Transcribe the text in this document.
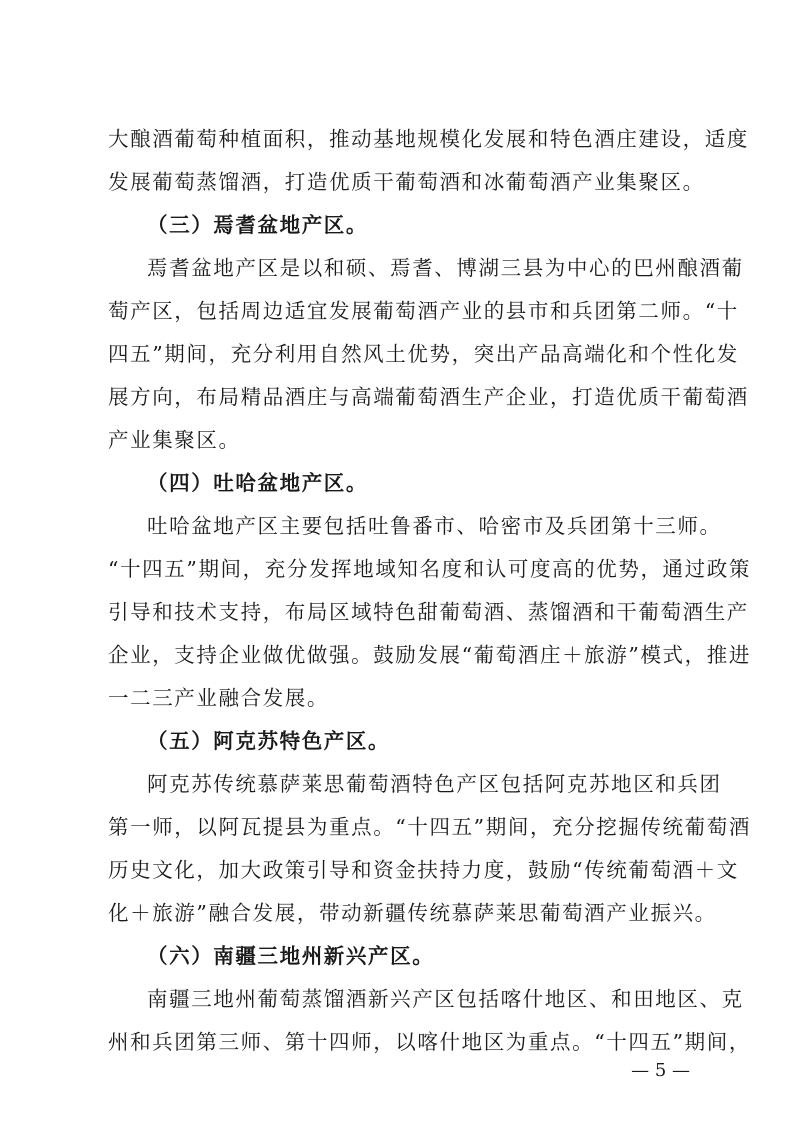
大酿酒葡萄种植面积，推动基地规模化发展和特色酒庄建设，适度
发展葡萄蒸馏酒，打造优质干葡萄酒和冰葡萄酒产业集聚区。
（三）焉耆盆地产区。
焉耆盆地产区是以和硕、焉耆、博湖三县为中心的巴州酿酒葡
萄产区，包括周边适宜发展葡萄酒产业的县市和兵团第二师。“十
四五”期间，充分利用自然风土优势，突出产品高端化和个性化发
展方向，布局精品酒庄与高端葡萄酒生产企业，打造优质干葡萄酒
产业集聚区。
（四）吐哈盆地产区。
吐哈盆地产区主要包括吐鲁番市、哈密市及兵团第十三师。
“十四五”期间，充分发挥地域知名度和认可度高的优势，通过政策
引导和技术支持，布局区域特色甜葡萄酒、蒸馏酒和干葡萄酒生产
企业，支持企业做优做强。鼓励发展“葡萄酒庄＋旅游”模式，推进
一二三产业融合发展。
（五）阿克苏特色产区。
阿克苏传统慕萨莱思葡萄酒特色产区包括阿克苏地区和兵团
第一师，以阿瓦提县为重点。“十四五”期间，充分挖掘传统葡萄酒
历史文化，加大政策引导和资金扶持力度，鼓励“传统葡萄酒＋文
化＋旅游”融合发展，带动新疆传统慕萨莱思葡萄酒产业振兴。
（六）南疆三地州新兴产区。
南疆三地州葡萄蒸馏酒新兴产区包括喀什地区、和田地区、克
州和兵团第三师、第十四师，以喀什地区为重点。“十四五”期间，
— 5 —
